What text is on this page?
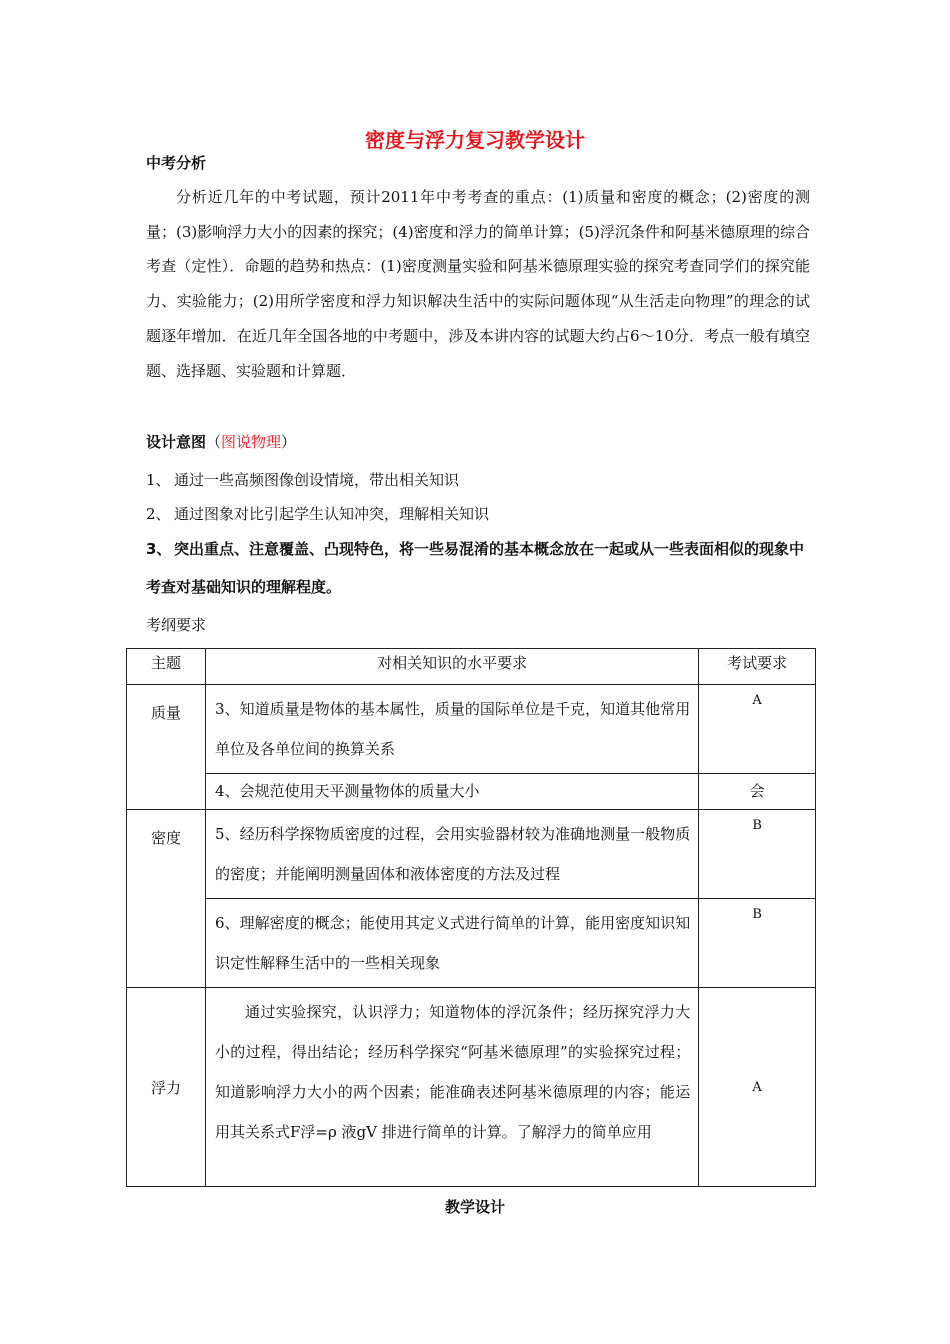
密度与浮力复习教学设计
中考分析
分析近几年的中考试题，预计2011年中考考查的重点：(1)质量和密度的概念；(2)密度的测量；(3)影响浮力大小的因素的探究；(4)密度和浮力的简单计算；(5)浮沉条件和阿基米德原理的综合考查（定性）．命题的趋势和热点：(1)密度测量实验和阿基米德原理实验的探究考查同学们的探究能力、实验能力；(2)用所学密度和浮力知识解决生活中的实际问题体现“从生活走向物理”的理念的试题逐年增加．在近几年全国各地的中考题中，涉及本讲内容的试题大约占6～10分．考点一般有填空题、选择题、实验题和计算题．
设计意图（图说物理）
1、 通过一些高频图像创设情境，带出相关知识
2、 通过图象对比引起学生认知冲突，理解相关知识
3、 突出重点、注意覆盖、凸现特色，将一些易混淆的基本概念放在一起或从一些表面相似的现象中考查对基础知识的理解程度。
考纲要求
主题	对相关知识的水平要求	考试要求
质量	3、知道质量是物体的基本属性，质量的国际单位是千克，知道其他常用单位及各单位间的换算关系	A
	4、会规范使用天平测量物体的质量大小	会
密度	5、经历科学探物质密度的过程，会用实验器材较为准确地测量一般物质的密度；并能阐明测量固体和液体密度的方法及过程	B
	6、理解密度的概念；能使用其定义式进行简单的计算，能用密度知识知识定性解释生活中的一些相关现象	B
浮力	通过实验探究，认识浮力；知道物体的浮沉条件；经历探究浮力大小的过程，得出结论；经历科学探究“阿基米德原理”的实验探究过程；知道影响浮力大小的两个因素；能准确表述阿基米德原理的内容；能运用其关系式F浮=ρ 液gV 排进行简单的计算。了解浮力的简单应用	A
教学设计
